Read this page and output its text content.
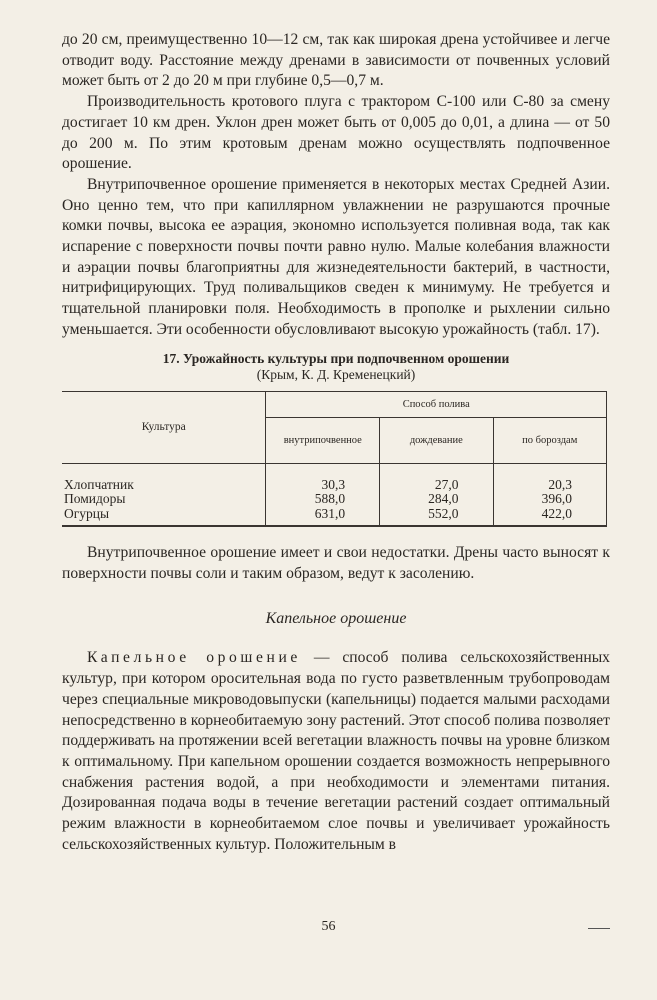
до 20 см, преимущественно 10—12 см, так как широкая дрена устойчивее и легче отводит воду. Расстояние между дренами в зависимости от почвенных условий может быть от 2 до 20 м при глубине 0,5—0,7 м.

Производительность кротового плуга с трактором С-100 или С-80 за смену достигает 10 км дрен. Уклон дрен может быть от 0,005 до 0,01, а длина — от 50 до 200 м. По этим кротовым дренам можно осуществлять подпочвенное орошение.

Внутрипочвенное орошение применяется в некоторых местах Средней Азии. Оно ценно тем, что при капиллярном увлажнении не разрушаются прочные комки почвы, высока ее аэрация, экономно используется поливная вода, так как испарение с поверхности почвы почти равно нулю. Малые колебания влажности и аэрации почвы благоприятны для жизнедеятельности бактерий, в частности, нитрифицирующих. Труд поливальщиков сведен к минимуму. Не требуется и тщательной планировки поля. Необходимость в прополке и рыхлении сильно уменьшается. Эти особенности обусловливают высокую урожайность (табл. 17).

17. Урожайность культуры при подпочвенном орошении
(Крым, К. Д. Кременецкий)
Культура	Способ полива		
	внутрипочвенное	дождевание	по бороздам
Хлопчатник	30,3	27,0	20,3
Помидоры	588,0	284,0	396,0
Огурцы	631,0	552,0	422,0

Внутрипочвенное орошение имеет и свои недостатки. Дрены часто выносят к поверхности почвы соли и таким образом, ведут к засолению.

Капельное орошение

Капельное орошение — способ полива сельскохозяйственных культур, при котором оросительная вода по густо разветвленным трубопроводам через специальные микроводовыпуски (капельницы) подается малыми расходами непосредственно в корнеобитаемую зону растений. Этот способ полива позволяет поддерживать на протяжении всей вегетации влажность почвы на уровне близком к оптимальному. При капельном орошении создается возможность непрерывного снабжения растения водой, а при необходимости и элементами питания. Дозированная подача воды в течение вегетации растений создает оптимальный режим влажности в корнеобитаемом слое почвы и увеличивает урожайность сельскохозяйственных культур. Положительным в

56
